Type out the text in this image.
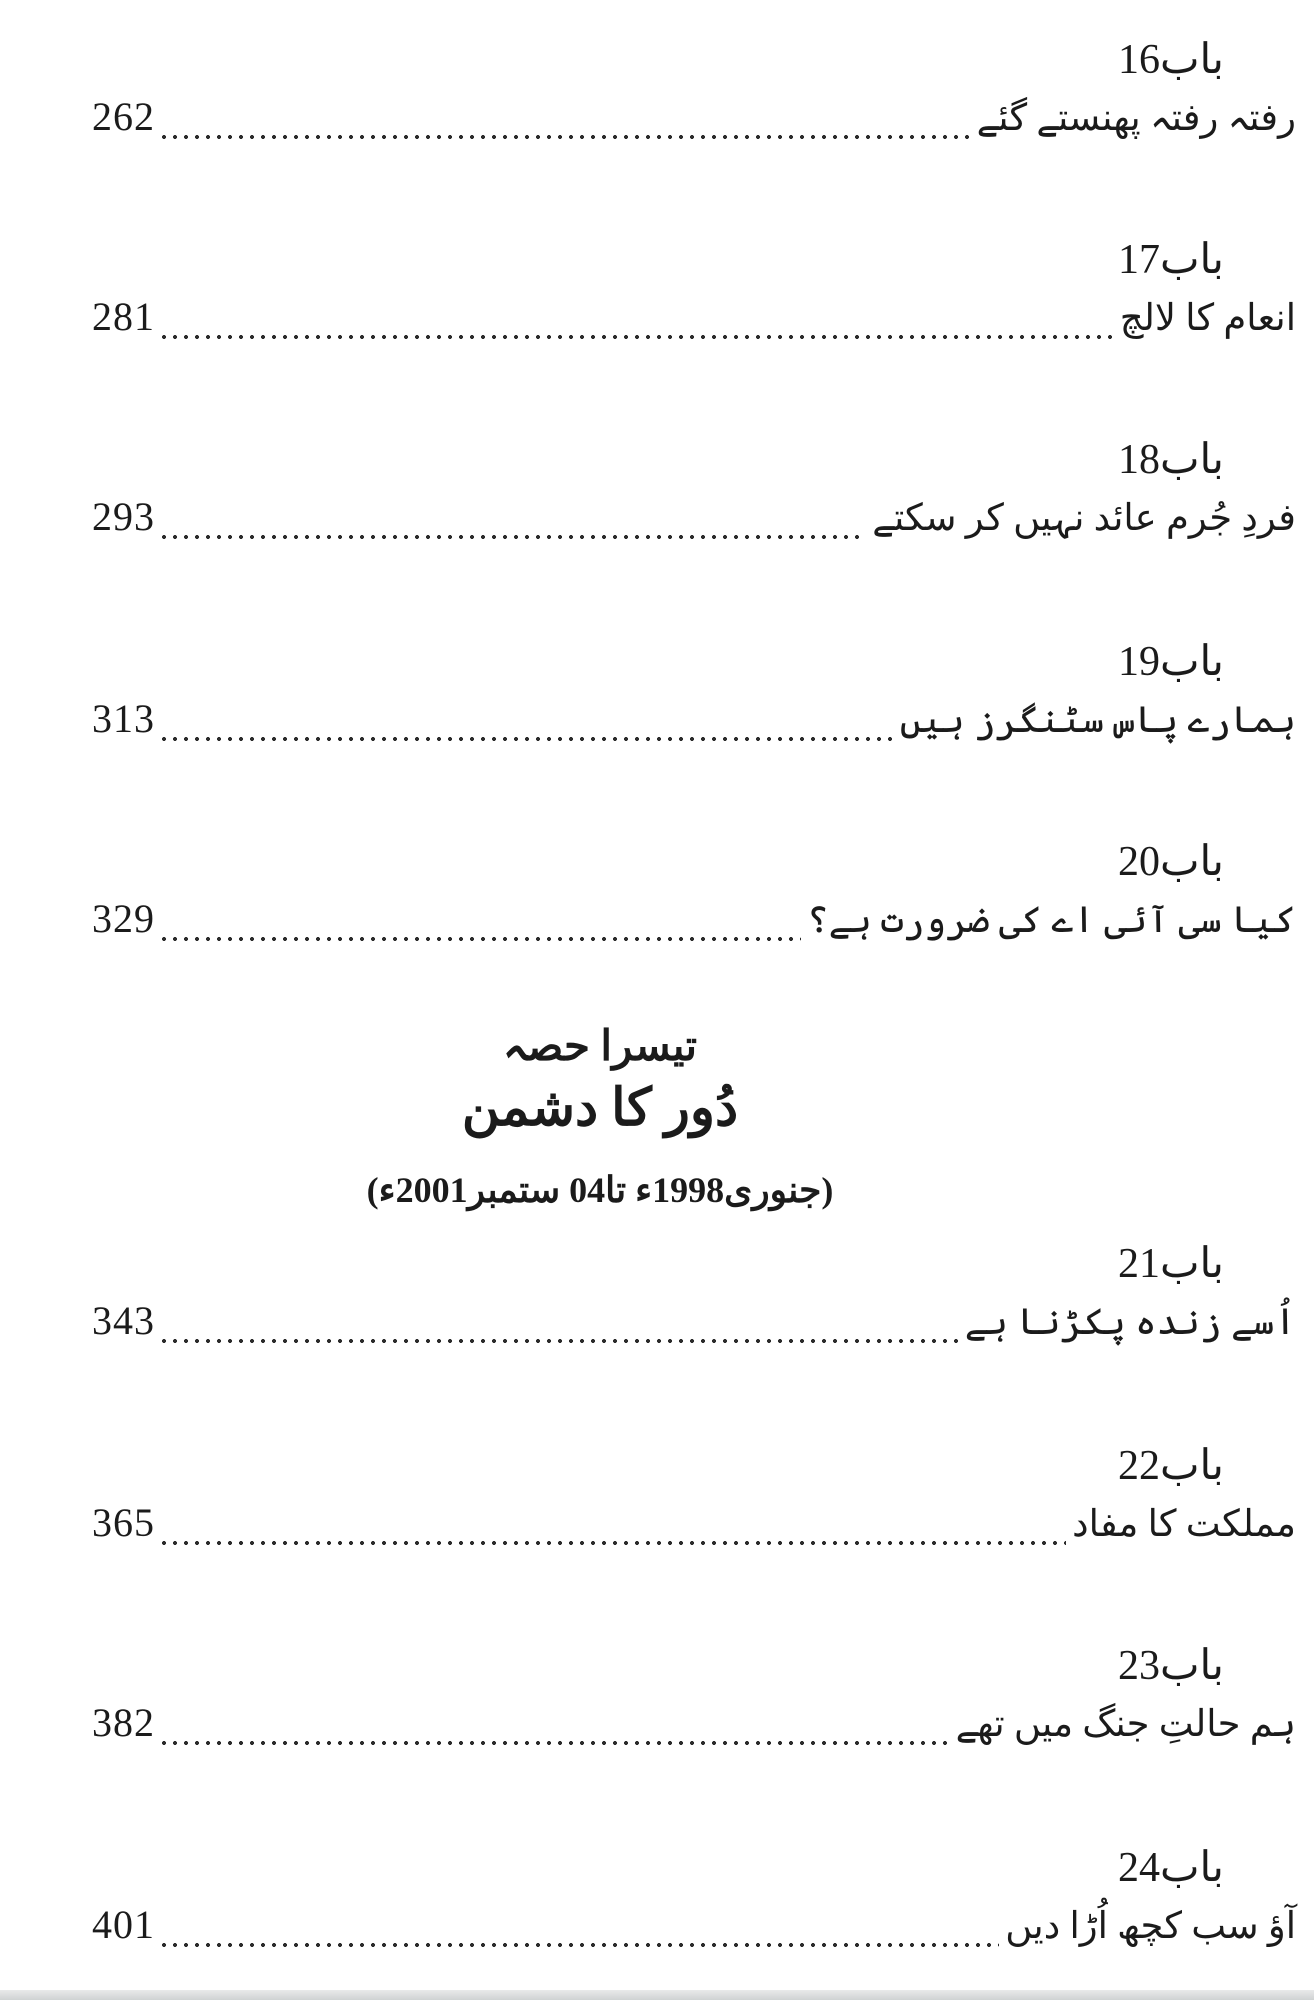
باب16
رفتہ رفتہ پھنستے گئے
262
باب17
انعام کا لالچ
281
باب18
فردِ جُرم عائد نہیں کر سکتے
293
باب19
ہمارے پاس سٹنگرز ہیں
313
باب20
کیا سی آئی اے کی ضرورت ہے؟
329
تیسرا حصہ
دُور کا دشمن
(جنوری1998ء تا04 ستمبر2001ء)
باب21
اُسے زندہ پکڑنا ہے
343
باب22
مملکت کا مفاد
365
باب23
ہم حالتِ جنگ میں تھے
382
باب24
آؤ سب کچھ اُڑا دیں
401
